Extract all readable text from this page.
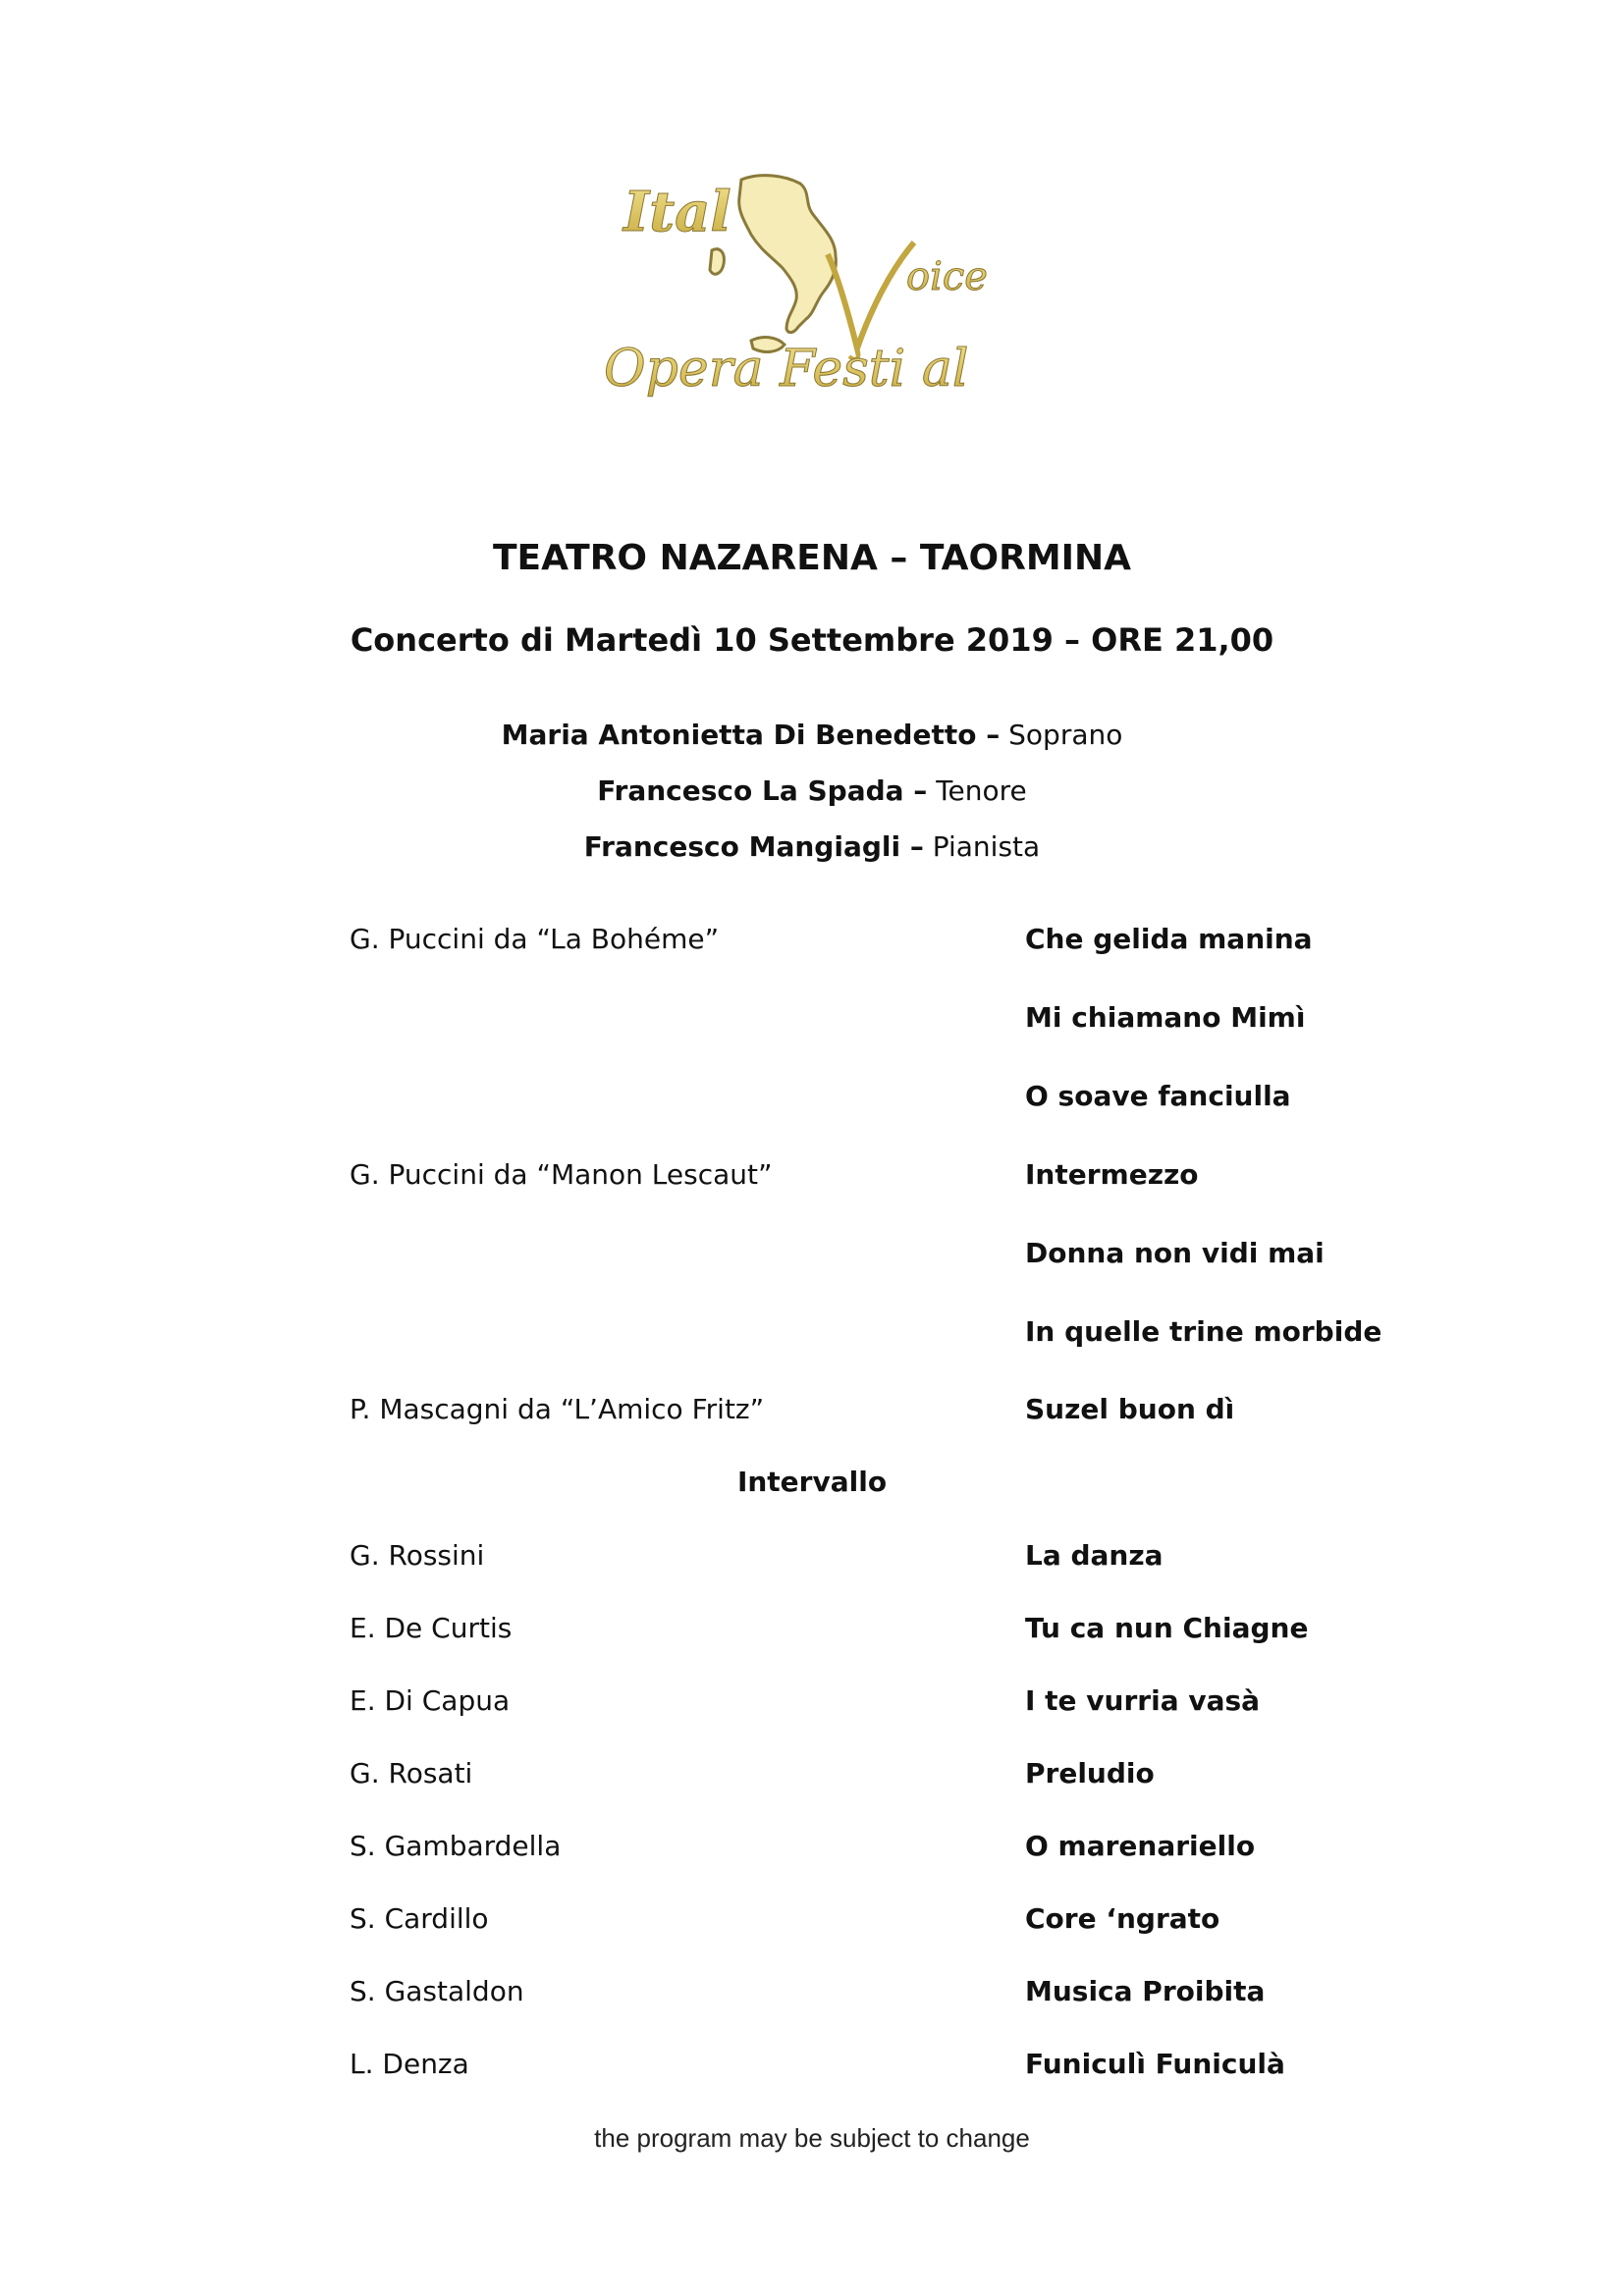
Ital
oice
Opera Festi al
TEATRO NAZARENA – TAORMINA
Concerto di Martedì 10 Settembre 2019 – ORE 21,00
Maria Antonietta Di Benedetto – Soprano
Francesco La Spada – Tenore
Francesco Mangiagli – Pianista
G. Puccini da “La Bohéme”	Che gelida manina
Mi chiamano Mimì
O soave fanciulla
G. Puccini da “Manon Lescaut”	Intermezzo
Donna non vidi mai
In quelle trine morbide
P. Mascagni da “L’Amico Fritz”	Suzel buon dì
Intervallo
G. Rossini	La danza
E. De Curtis	Tu ca nun Chiagne
E. Di Capua	I te vurria vasà
G. Rosati	Preludio
S. Gambardella	O marenariello
S. Cardillo	Core ‘ngrato
S. Gastaldon	Musica Proibita
L. Denza	Funiculì Funiculà
the program may be subject to change
